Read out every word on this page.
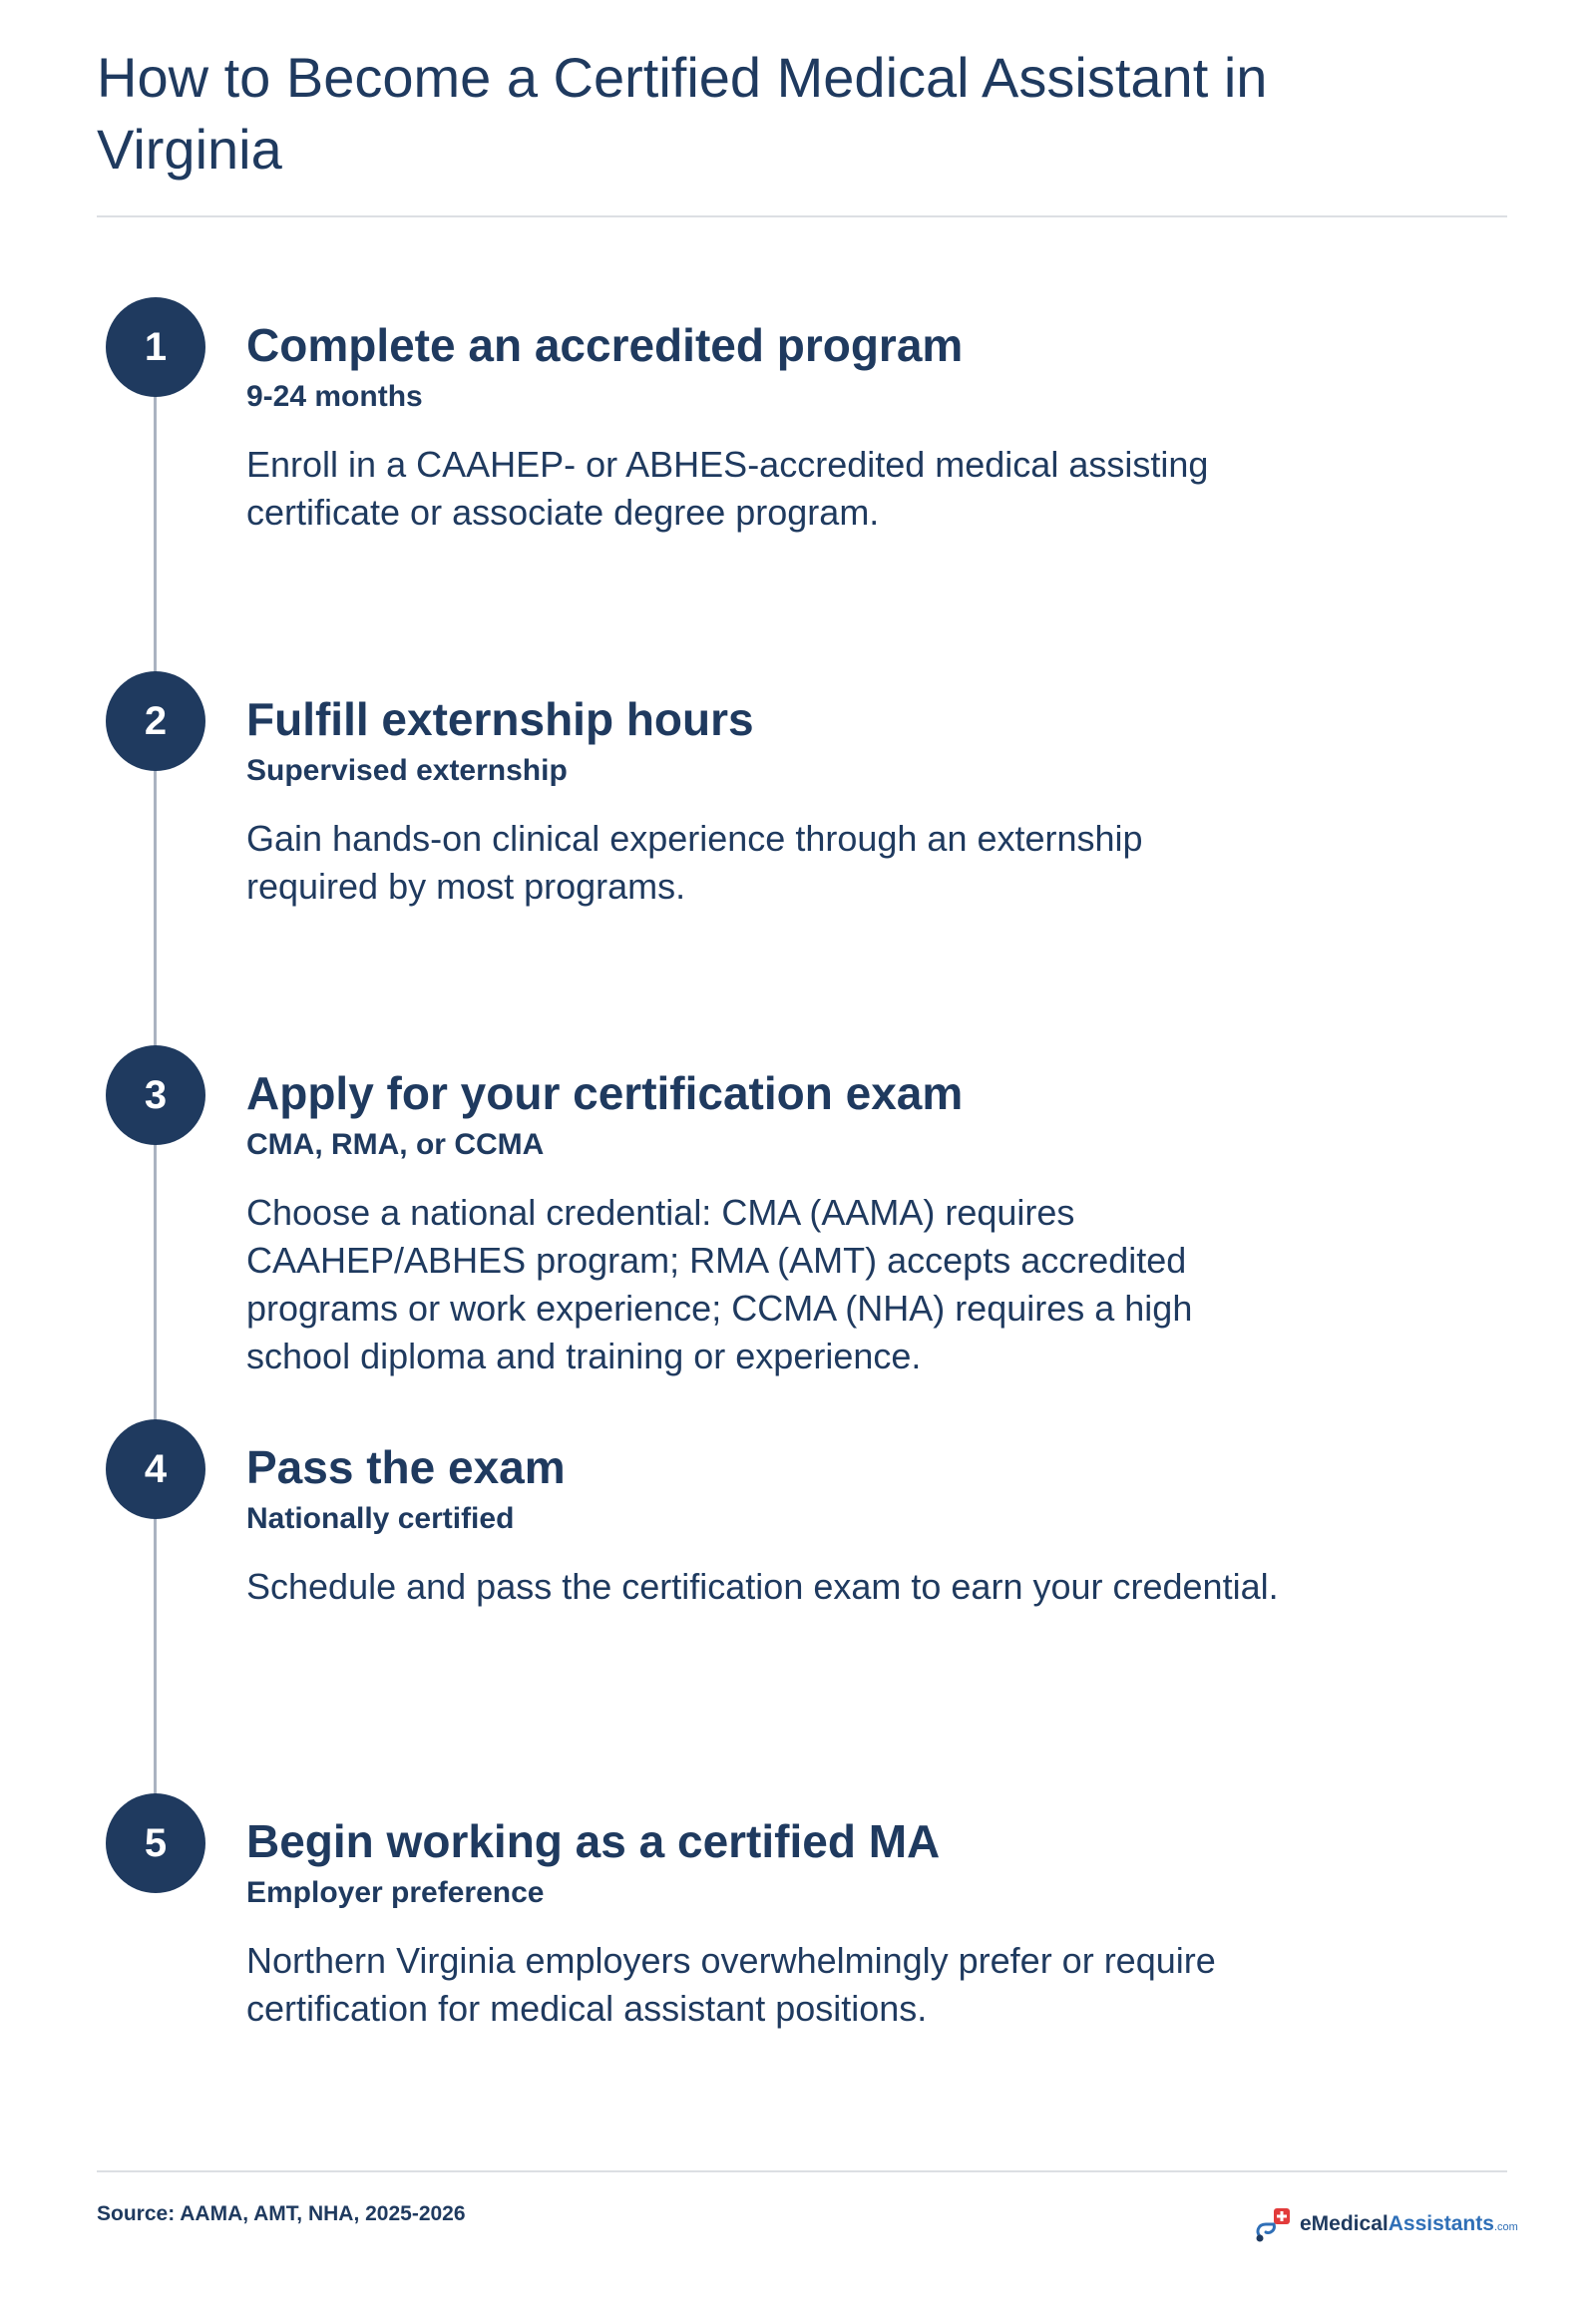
How to Become a Certified Medical Assistant in Virginia
1	Complete an accredited program
9-24 months
Enroll in a CAAHEP- or ABHES-accredited medical assisting certificate or associate degree program.
2	Fulfill externship hours
Supervised externship
Gain hands-on clinical experience through an externship required by most programs.
3	Apply for your certification exam
CMA, RMA, or CCMA
Choose a national credential: CMA (AAMA) requires CAAHEP/ABHES program; RMA (AMT) accepts accredited programs or work experience; CCMA (NHA) requires a high school diploma and training or experience.
4	Pass the exam
Nationally certified
Schedule and pass the certification exam to earn your credential.
5	Begin working as a certified MA
Employer preference
Northern Virginia employers overwhelmingly prefer or require certification for medical assistant positions.
Source: AAMA, AMT, NHA, 2025-2026	eMedicalAssistants.com
